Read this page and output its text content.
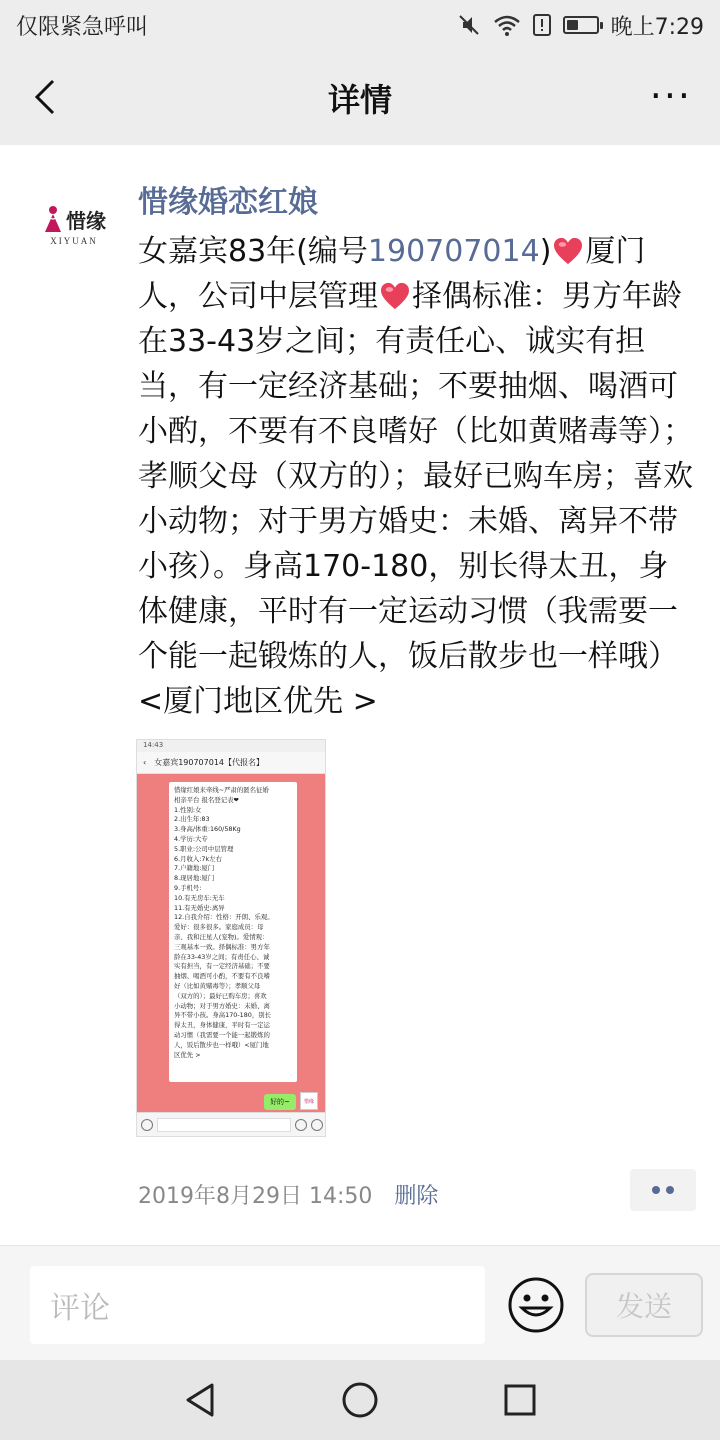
仅限紧急呼叫	晚上7:29
详情	···
惜缘
XIYUAN
惜缘婚恋红娘
女嘉宾83年(编号190707014) 厦门人，公司中层管理 择偶标准：男方年龄在33-43岁之间；有责任心、诚实有担当，有一定经济基础；不要抽烟、喝酒可小酌，不要有不良嗜好（比如黄赌毒等）；孝顺父母（双方的）；最好已购车房；喜欢小动物；对于男方婚史：未婚、离异不带小孩）。身高170-180，别长得太丑，身体健康，平时有一定运动习惯（我需要一个能一起锻炼的人，饭后散步也一样哦）<厦门地区优先 >
14:43
‹ 女嘉宾190707014【代报名】
惜缘红娘来牵线~严肃的匿名征婚
相亲平台 报名登记表❤
1.性别:女
2.出生年:83
3.身高/体重:160/58Kg
4.学历:大专
5.职业:公司中层管理
6.月收入:7k左右
7.户籍地:厦门
8.现居地:厦门
9.手机号:
10.有无房车:无车
11.有无婚史:离异
12.自我介绍：性格：开朗、乐观。
爱好：很多很多。家庭成员：母
亲、我和汪星人(宠物)。爱情观：
三观基本一致。择偶标准：男方年
龄在33-43岁之间；有责任心、诚
实有担当，有一定经济基础；不要
抽烟、喝酒可小酌，不要有不良嗜
好（比如黄赌毒等）；孝顺父母
（双方的）；最好已购车房；喜欢
小动物；对于男方婚史：未婚、离
异不带小孩。身高170-180，别长
得太丑，身体健康，平时有一定运
动习惯（我需要一个能一起锻炼的
人，饭后散步也一样哦）<厦门地
区优先 >
好的~	惜缘
2019年8月29日 14:50 删除
评论	发送
